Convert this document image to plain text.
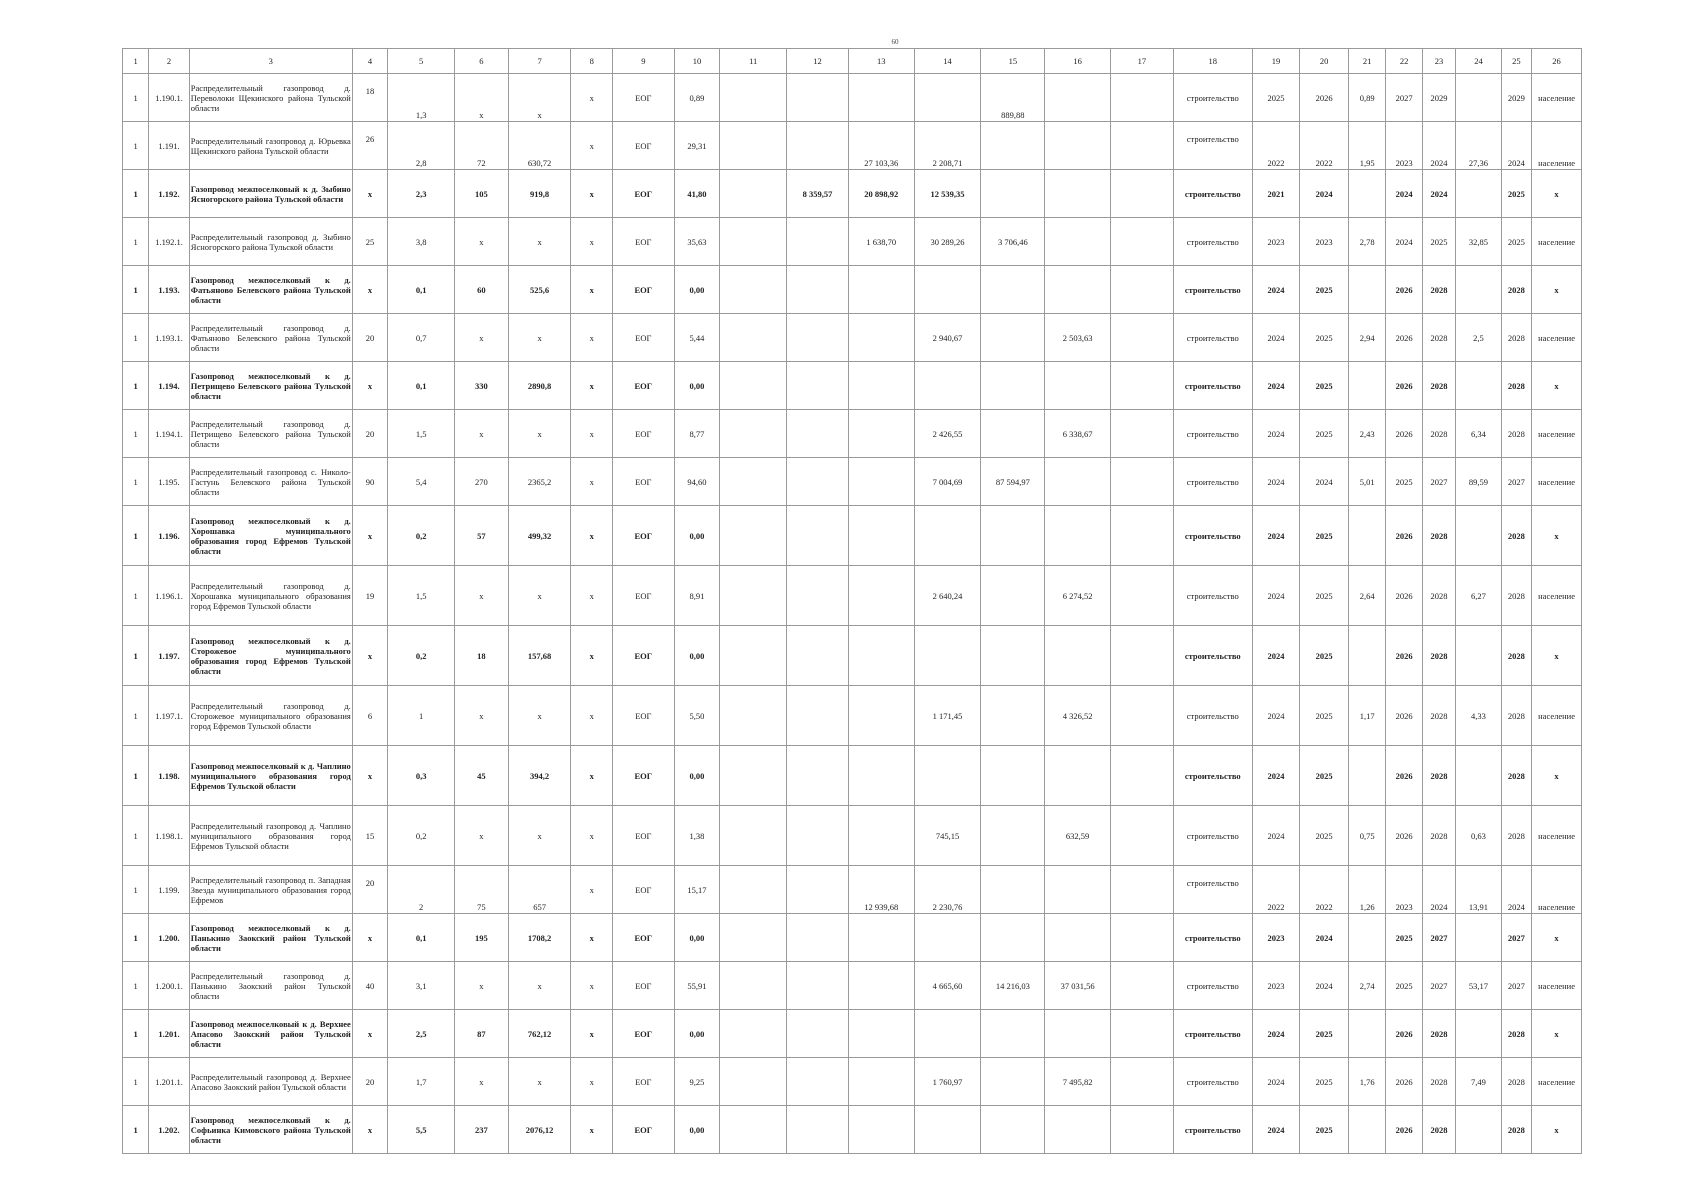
60
1	2	3	4	5	6	7	8	9	10	11	12	13	14	15	16	17	18	19	20	21	22	23	24	25	26
1	1.190.1.	Распределительный газопровод д. Переволоки Щекинского района Тульской области	18	1,3	х	х	х	ЕОГ	0,89					889,88			строительство	2025	2026	0,89	2027	2029		2029	население
1	1.191.	Распределительный газопровод д. Юрьевка Щекинского района Тульской области	26	2,8	72	630,72	х	ЕОГ	29,31			27 103,36	2 208,71				строительство	2022	2022	1,95	2023	2024	27,36	2024	население
1	1.192.	Газопровод межпоселковый к д. Зыбино Ясногорского района Тульской области	х	2,3	105	919,8	х	ЕОГ	41,80		8 359,57	20 898,92	12 539,35				строительство	2021	2024		2024	2024		2025	х
1	1.192.1.	Распределительный газопровод д. Зыбино Ясногорского района Тульской области	25	3,8	х	х	х	ЕОГ	35,63			1 638,70	30 289,26	3 706,46			строительство	2023	2023	2,78	2024	2025	32,85	2025	население
1	1.193.	Газопровод межпоселковый к д. Фатьяново Белевского района Тульской области	х	0,1	60	525,6	х	ЕОГ	0,00								строительство	2024	2025		2026	2028		2028	х
1	1.193.1.	Распределительный газопровод д. Фатьяново Белевского района Тульской области	20	0,7	х	х	х	ЕОГ	5,44				2 940,67		2 503,63		строительство	2024	2025	2,94	2026	2028	2,5	2028	население
1	1.194.	Газопровод межпоселковый к д. Петрищево Белевского района Тульской области	х	0,1	330	2890,8	х	ЕОГ	0,00								строительство	2024	2025		2026	2028		2028	х
1	1.194.1.	Распределительный газопровод д. Петрищево Белевского района Тульской области	20	1,5	х	х	х	ЕОГ	8,77				2 426,55		6 338,67		строительство	2024	2025	2,43	2026	2028	6,34	2028	население
1	1.195.	Распределительный газопровод с. Николо-Гастунь Белевского района Тульской области	90	5,4	270	2365,2	х	ЕОГ	94,60				7 004,69	87 594,97			строительство	2024	2024	5,01	2025	2027	89,59	2027	население
1	1.196.	Газопровод межпоселковый к д. Хорошавка муниципального образования город Ефремов Тульской области	х	0,2	57	499,32	х	ЕОГ	0,00								строительство	2024	2025		2026	2028		2028	х
1	1.196.1.	Распределительный газопровод д. Хорошавка муниципального образования город Ефремов Тульской области	19	1,5	х	х	х	ЕОГ	8,91				2 640,24		6 274,52		строительство	2024	2025	2,64	2026	2028	6,27	2028	население
1	1.197.	Газопровод межпоселковый к д. Сторожевое муниципального образования город Ефремов Тульской области	х	0,2	18	157,68	х	ЕОГ	0,00								строительство	2024	2025		2026	2028		2028	х
1	1.197.1.	Распределительный газопровод д. Сторожевое муниципального образования город Ефремов Тульской области	6	1	х	х	х	ЕОГ	5,50				1 171,45		4 326,52		строительство	2024	2025	1,17	2026	2028	4,33	2028	население
1	1.198.	Газопровод межпоселковый к д. Чаплино муниципального образования город Ефремов Тульской области	х	0,3	45	394,2	х	ЕОГ	0,00								строительство	2024	2025		2026	2028		2028	х
1	1.198.1.	Распределительный газопровод д. Чаплино муниципального образования город Ефремов Тульской области	15	0,2	х	х	х	ЕОГ	1,38				745,15		632,59		строительство	2024	2025	0,75	2026	2028	0,63	2028	население
1	1.199.	Распределительный газопровод п. Западная Звезда муниципального образования город Ефремов	20	2	75	657	х	ЕОГ	15,17			12 939,68	2 230,76				строительство	2022	2022	1,26	2023	2024	13,91	2024	население
1	1.200.	Газопровод межпоселковый к д. Панькино Заокский район Тульской области	х	0,1	195	1708,2	х	ЕОГ	0,00								строительство	2023	2024		2025	2027		2027	х
1	1.200.1.	Распределительный газопровод д. Панькино Заокский район Тульской области	40	3,1	х	х	х	ЕОГ	55,91				4 665,60	14 216,03	37 031,56		строительство	2023	2024	2,74	2025	2027	53,17	2027	население
1	1.201.	Газопровод межпоселковый к д. Верхнее Апасово Заокский район Тульской области	х	2,5	87	762,12	х	ЕОГ	0,00								строительство	2024	2025		2026	2028		2028	х
1	1.201.1.	Распределительный газопровод д. Верхнее Апасово Заокский район Тульской области	20	1,7	х	х	х	ЕОГ	9,25				1 760,97		7 495,82		строительство	2024	2025	1,76	2026	2028	7,49	2028	население
1	1.202.	Газопровод межпоселковый к д. Софьинка Кимовского района Тульской области	х	5,5	237	2076,12	х	ЕОГ	0,00								строительство	2024	2025		2026	2028		2028	х
